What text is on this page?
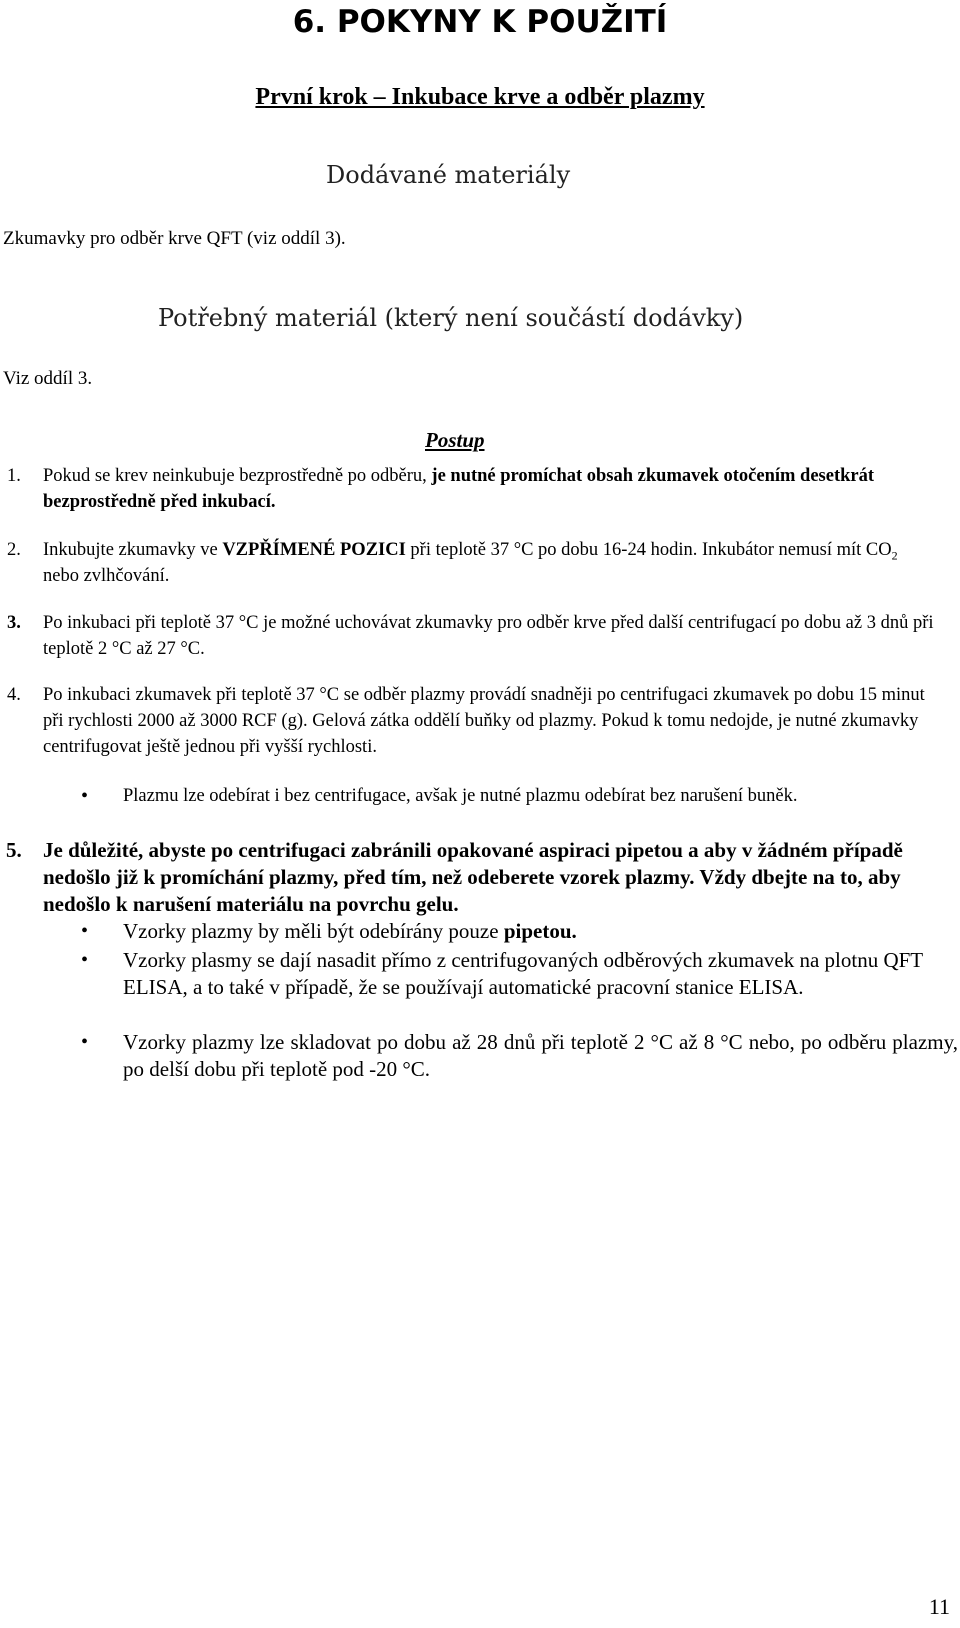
6. POKYNY K POUŽITÍ
První krok – Inkubace krve a odběr plazmy
Dodávané materiály
Zkumavky pro odběr krve QFT (viz oddíl 3).
Potřebný materiál (který není součástí dodávky)
Viz oddíl 3.
Postup
1. Pokud se krev neinkubuje bezprostředně po odběru, je nutné promíchat obsah zkumavek otočením desetkrát bezprostředně před inkubací.
2. Inkubujte zkumavky ve VZPŘÍMENÉ POZICI při teplotě 37 °C po dobu 16-24 hodin. Inkubátor nemusí mít $CO_2$ nebo zvlhčování.
3. Po inkubaci při teplotě 37 °C je možné uchovávat zkumavky pro odběr krve před další centrifugací po dobu až 3 dnů při teplotě 2 °C až 27 °C.
4. Po inkubaci zkumavek při teplotě 37 °C se odběr plazmy provádí snadněji po centrifugaci zkumavek po dobu 15 minut při rychlosti 2000 až 3000 RCF (g). Gelová zátka oddělí buňky od plazmy. Pokud k tomu nedojde, je nutné zkumavky centrifugovat ještě jednou při vyšší rychlosti.
• Plazmu lze odebírat i bez centrifugace, avšak je nutné plazmu odebírat bez narušení buněk.
5. Je důležité, abyste po centrifugaci zabránili opakované aspiraci pipetou a aby v žádném případě nedošlo již k promíchání plazmy, před tím, než odeberete vzorek plazmy. Vždy dbejte na to, aby nedošlo k narušení materiálu na povrchu gelu.
• Vzorky plazmy by měli být odebírány pouze pipetou.
• Vzorky plasmy se dají nasadit přímo z centrifugovaných odběrových zkumavek na plotnu QFT ELISA, a to také v případě, že se používají automatické pracovní stanice ELISA.
• Vzorky plazmy lze skladovat po dobu až 28 dnů při teplotě 2 °C až 8 °C nebo, po odběru plazmy, po delší dobu při teplotě pod -20 °C.
11
